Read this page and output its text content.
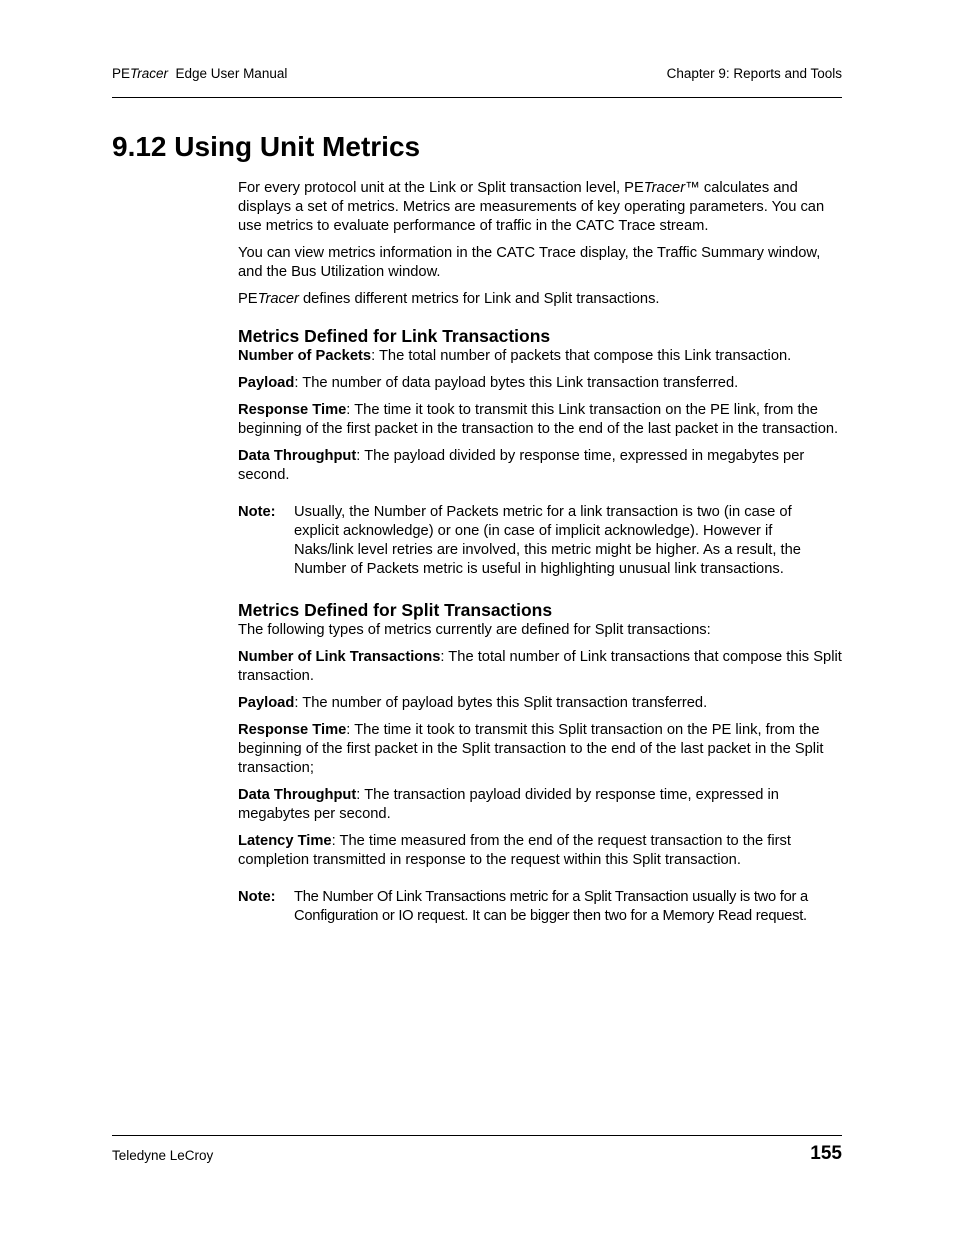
PETracer  Edge User Manual	Chapter 9: Reports and Tools
9.12 Using Unit Metrics

For every protocol unit at the Link or Split transaction level, PETracer™ calculates and displays a set of metrics. Metrics are measurements of key operating parameters. You can use metrics to evaluate performance of traffic in the CATC Trace stream.

You can view metrics information in the CATC Trace display, the Traffic Summary window, and the Bus Utilization window.

PETracer defines different metrics for Link and Split transactions.

Metrics Defined for Link Transactions

Number of Packets: The total number of packets that compose this Link transaction.

Payload: The number of data payload bytes this Link transaction transferred.

Response Time: The time it took to transmit this Link transaction on the PE link, from the beginning of the first packet in the transaction to the end of the last packet in the transaction.

Data Throughput: The payload divided by response time, expressed in megabytes per second.

Note:	Usually, the Number of Packets metric for a link transaction is two (in case of explicit acknowledge) or one (in case of implicit acknowledge). However if Naks/link level retries are involved, this metric might be higher. As a result, the Number of Packets metric is useful in highlighting unusual link transactions.
Metrics Defined for Split Transactions

The following types of metrics currently are defined for Split transactions:

Number of Link Transactions: The total number of Link transactions that compose this Split transaction.

Payload: The number of payload bytes this Split transaction transferred.

Response Time: The time it took to transmit this Split transaction on the PE link, from the beginning of the first packet in the Split transaction to the end of the last packet in the Split transaction;

Data Throughput: The transaction payload divided by response time, expressed in megabytes per second.

Latency Time: The time measured from the end of the request transaction to the first completion transmitted in response to the request within this Split transaction.

Note:	The Number Of Link Transactions metric for a Split Transaction usually is two for a Configuration or IO request. It can be bigger then two for a Memory Read request.
Teledyne LeCroy	155
